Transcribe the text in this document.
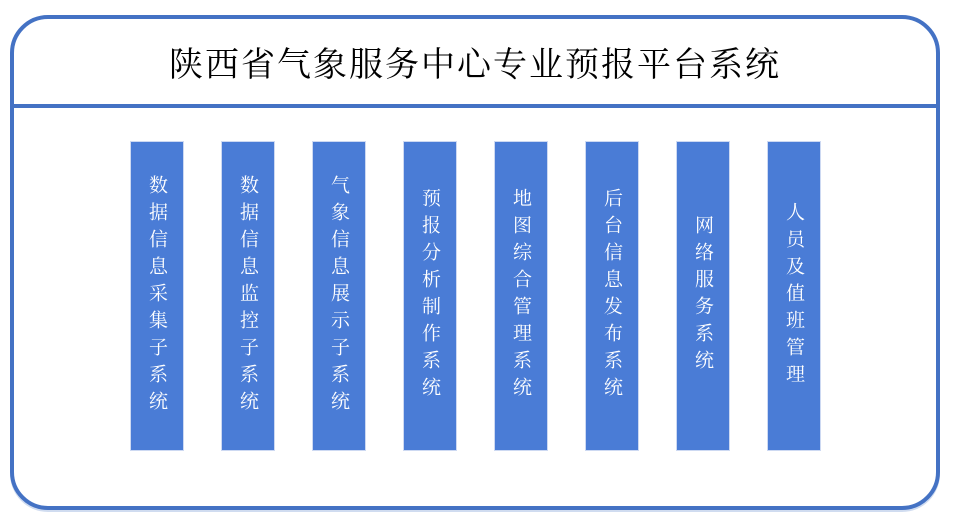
陕西省气象服务中心专业预报平台系统
数据信息采集子系统	数据信息监控子系统	气象信息展示子系统	预报分析制作系统	地图综合管理系统	后台信息发布系统	网络服务系统	人员及值班管理
